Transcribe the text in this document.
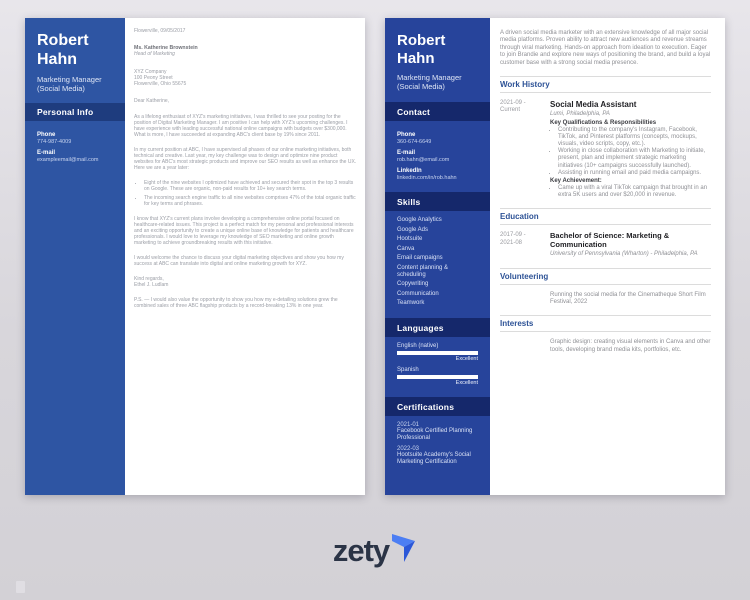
Robert Hahn
Marketing Manager (Social Media)
Personal Info
Phone
774-987-4009
E-mail
exampleemail@mail.com
Flowerville, 09/05/2017
Ms. Katherine Brownstein
Head of Marketing
XYZ Company
100 Peony Street
Flowerville, Ohio 55675
Dear Katherine,

As a lifelong enthusiast of XYZ's marketing initiatives, I was thrilled to see your posting for the position of Digital Marketing Manager. I am positive I can help with XYZ's upcoming challenges. I have experience with leading successful national online campaigns with budgets over $300,000. What is more, I have succeeded at expanding ABC's client base by 19% since 2011.

In my current position at ABC, I have supervised all phases of our online marketing initiatives, both technical and creative. Last year, my key challenge was to design and optimize nine product websites for ABC's most strategic products and improve our SEO results as well as enhance the UX. Here we are a year later:

• Eight of the nine websites I optimized have achieved and secured their spot in the top 3 results on Google. These are organic, non-paid results for 10+ key search terms.
• The incoming search engine traffic to all nine websites comprises 47% of the total organic traffic for key terms and phrases.

I know that XYZ's current plans involve developing a comprehensive online portal focused on healthcare-related issues. This project is a perfect match for my personal and professional interests and an exciting opportunity to create a unique online base of knowledge for patients and healthcare professionals. I would love to leverage my knowledge of SEO marketing and online growth marketing to achieve groundbreaking results with this initiative.

I would welcome the chance to discuss your digital marketing objectives and show you how my success at ABC can translate into digital and online marketing growth for XYZ.

Kind regards,
Ethel J. Ludlam

P.S. — I would also value the opportunity to show you how my e-detailing solutions grew the combined sales of three ABC flagship products by a record-breaking 13% in one year.

Robert Hahn
Marketing Manager (Social Media)
Contact
Phone
360-674-6649
E-mail
rob.hahn@email.com
LinkedIn
linkedin.com/in/rob.hahn
Skills
Google Analytics
Google Ads
Hootsuite
Canva
Email campaigns
Content planning & scheduling
Copywriting
Communication
Teamwork
Languages
English (native)
Excellent
Spanish
Excellent
Certifications
2021-01
Facebook Certified Planning Professional
2022-03
Hootsuite Academy's Social Marketing Certification
A driven social media marketer with an extensive knowledge of all major social media platforms. Proven ability to attract new audiences and revenue streams through viral marketing. Hands-on approach from ideation to execution. Eager to join Brandie and explore new ways of positioning the brand, and build a loyal customer base with a strong social media presence.
Work History
2021-09 -
Current
Social Media Assistant
Lumi, Philadelphia, PA
Key Qualifications & Responsibilities
• Contributing to the company's Instagram, Facebook, TikTok, and Pinterest platforms (concepts, mockups, visuals, video scripts, copy, etc.).
• Working in close collaboration with Marketing to initiate, present, plan and implement strategic marketing initiatives (10+ campaigns successfully launched).
• Assisting in running email and paid media campaigns.
Key Achievement:
• Came up with a viral TikTok campaign that brought in an extra 5K users and over $20,000 in revenue.
Education
2017-09 -
2021-08
Bachelor of Science: Marketing & Communication
University of Pennsylvania (Wharton) - Philadelphia, PA
Volunteering
Running the social media for the Cinematheque Short Film Festival, 2022
Interests
Graphic design: creating visual elements in Canva and other tools, developing brand media kits, portfolios, etc.
zety
